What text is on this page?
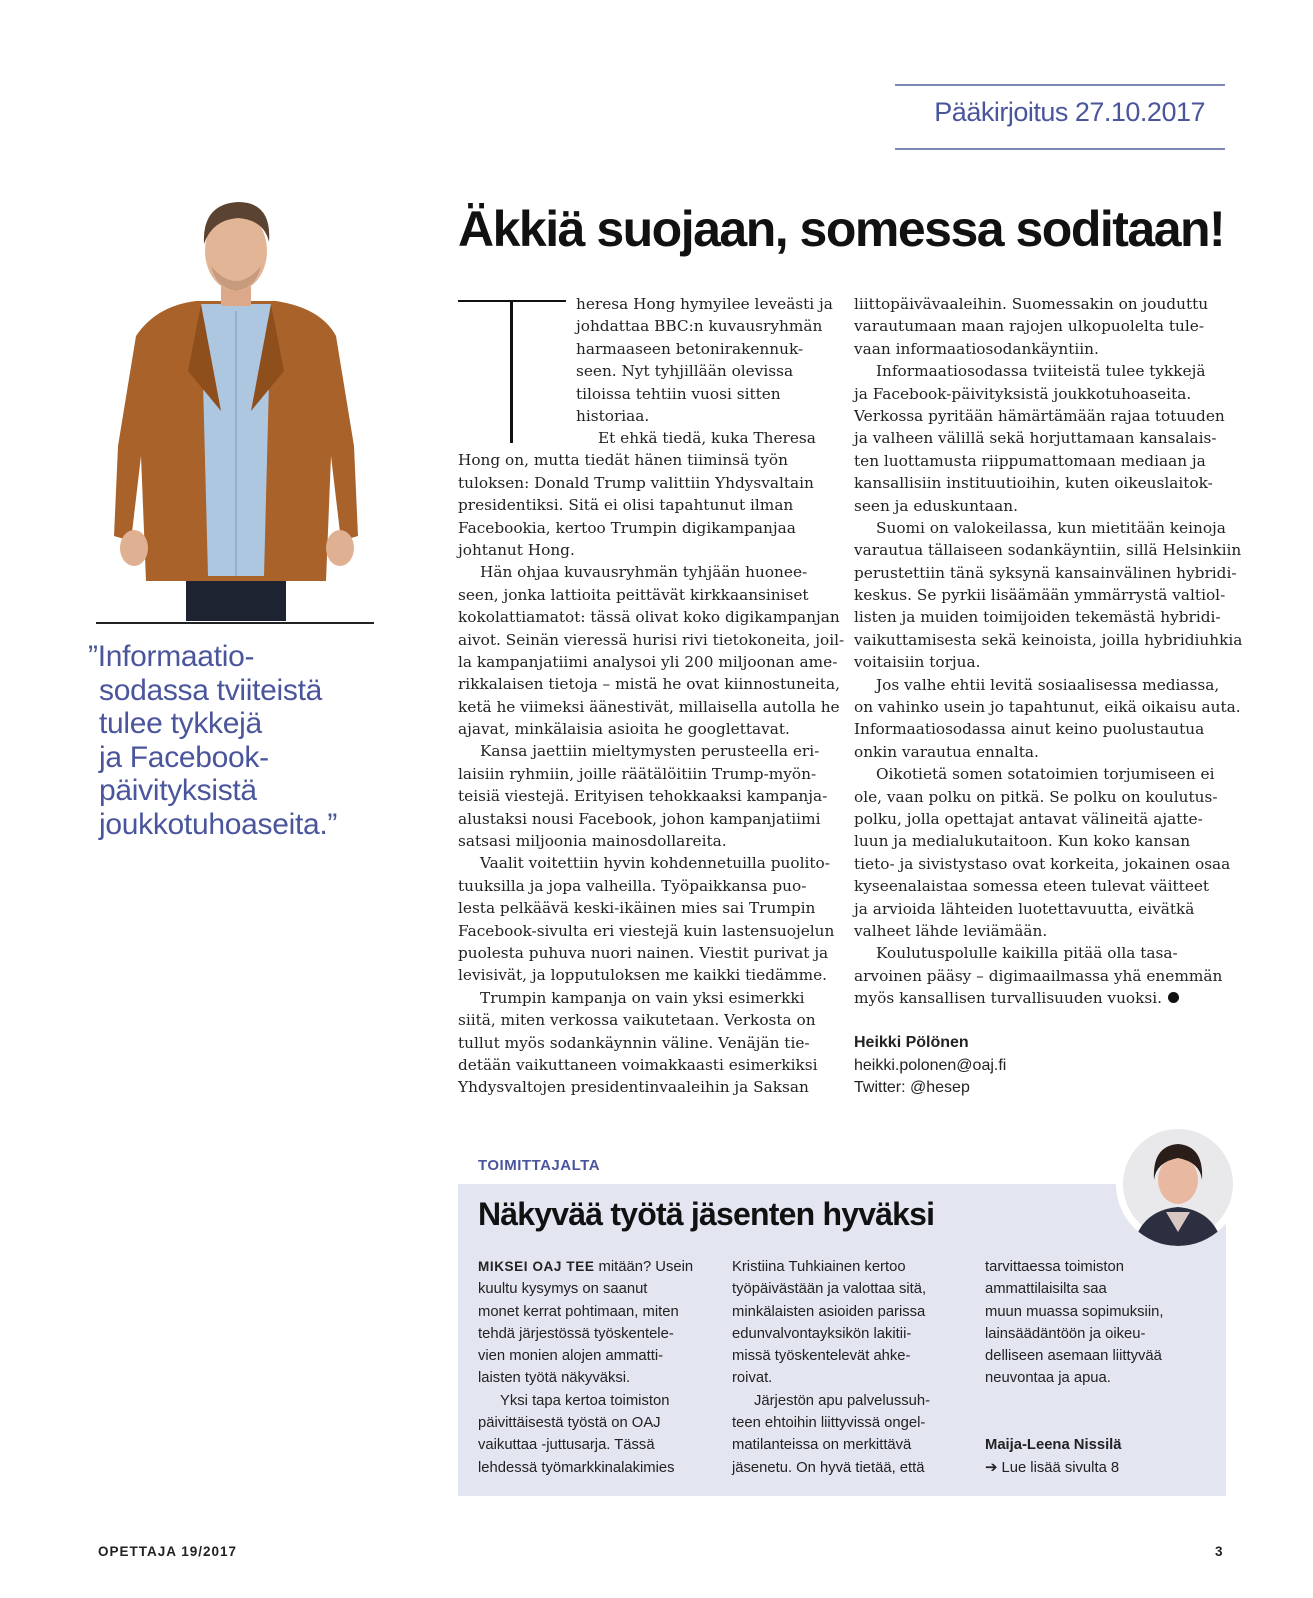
Pääkirjoitus 27.10.2017
Äkkiä suojaan, somessa soditaan!
”Informaatio-
sodassa tviiteistä
tulee tykkejä
ja Facebook-
päivityksistä
joukkotuhoaseita.”
heresa Hong hymyilee leveästi ja
johdattaa BBC:n kuvausryhmän
harmaaseen betonirakennuk-
seen. Nyt tyhjillään olevissa
tiloissa tehtiin vuosi sitten
historiaa.
Et ehkä tiedä, kuka Theresa
Hong on, mutta tiedät hänen tiiminsä työn
tuloksen: Donald Trump valittiin Yhdysvaltain
presidentiksi. Sitä ei olisi tapahtunut ilman
Facebookia, kertoo Trumpin digikampanjaa
johtanut Hong.
Hän ohjaa kuvausryhmän tyhjään huonee-
seen, jonka lattioita peittävät kirkkaansiniset
kokolattiamatot: tässä olivat koko digikampanjan
aivot. Seinän vieressä hurisi rivi tietokoneita, joil-
la kampanjatiimi analysoi yli 200 miljoonan ame-
rikkalaisen tietoja – mistä he ovat kiinnostuneita,
ketä he viimeksi äänestivät, millaisella autolla he
ajavat, minkälaisia asioita he googlettavat.
Kansa jaettiin mieltymysten perusteella eri-
laisiin ryhmiin, joille räätälöitiin Trump-myön-
teisiä viestejä. Erityisen tehokkaaksi kampanja-
alustaksi nousi Facebook, johon kampanjatiimi
satsasi miljoonia mainosdollareita.
Vaalit voitettiin hyvin kohdennetuilla puolito-
tuuksilla ja jopa valheilla. Työpaikkansa puo-
lesta pelkäävä keski-ikäinen mies sai Trumpin
Facebook-sivulta eri viestejä kuin lastensuojelun
puolesta puhuva nuori nainen. Viestit purivat ja
levisivät, ja lopputuloksen me kaikki tiedämme.
Trumpin kampanja on vain yksi esimerkki
siitä, miten verkossa vaikutetaan. Verkosta on
tullut myös sodankäynnin väline. Venäjän tie-
detään vaikuttaneen voimakkaasti esimerkiksi
Yhdysvaltojen presidentinvaaleihin ja Saksan
liittopäivävaaleihin. Suomessakin on jouduttu
varautumaan maan rajojen ulkopuolelta tule-
vaan informaatiosodankäyntiin.
Informaatiosodassa tviiteistä tulee tykkejä
ja Facebook-päivityksistä joukkotuhoaseita.
Verkossa pyritään hämärtämään rajaa totuuden
ja valheen välillä sekä horjuttamaan kansalais-
ten luottamusta riippumattomaan mediaan ja
kansallisiin instituutioihin, kuten oikeuslaitok-
seen ja eduskuntaan.
Suomi on valokeilassa, kun mietitään keinoja
varautua tällaiseen sodankäyntiin, sillä Helsinkiin
perustettiin tänä syksynä kansainvälinen hybridi-
keskus. Se pyrkii lisäämään ymmärrystä valtiol-
listen ja muiden toimijoiden tekemästä hybridi-
vaikuttamisesta sekä keinoista, joilla hybridiuhkia
voitaisiin torjua.
Jos valhe ehtii levitä sosiaalisessa mediassa,
on vahinko usein jo tapahtunut, eikä oikaisu auta.
Informaatiosodassa ainut keino puolustautua
onkin varautua ennalta.
Oikotietä somen sotatoimien torjumiseen ei
ole, vaan polku on pitkä. Se polku on koulutus-
polku, jolla opettajat antavat välineitä ajatte-
luun ja medialukutaitoon. Kun koko kansan
tieto- ja sivistystaso ovat korkeita, jokainen osaa
kyseenalaistaa somessa eteen tulevat väitteet
ja arvioida lähteiden luotettavuutta, eivätkä
valheet lähde leviämään.
Koulutuspolulle kaikilla pitää olla tasa-
arvoinen pääsy – digimaailmassa yhä enemmän
myös kansallisen turvallisuuden vuoksi.
Heikki Pölönen
heikki.polonen@oaj.fi
Twitter: @hesep
TOIMITTAJALTA
Näkyvää työtä jäsenten hyväksi
MIKSEI OAJ TEE mitään? Usein
kuultu kysymys on saanut
monet kerrat pohtimaan, miten
tehdä järjestössä työskentele-
vien monien alojen ammatti-
laisten työtä näkyväksi.
Yksi tapa kertoa toimiston
päivittäisestä työstä on OAJ
vaikuttaa -juttusarja. Tässä
lehdessä työmarkkinalakimies
Kristiina Tuhkiainen kertoo
työpäivästään ja valottaa sitä,
minkälaisten asioiden parissa
edunvalvontayksikön lakitii-
missä työskentelevät ahke-
roivat.
Järjestön apu palvelussuh-
teen ehtoihin liittyvissä ongel-
matilanteissa on merkittävä
jäsenetu. On hyvä tietää, että
tarvittaessa toimiston
ammattilaisilta saa
muun muassa sopimuksiin,
lainsäädäntöön ja oikeu-
delliseen asemaan liittyvää
neuvontaa ja apua.
Maija-Leena Nissilä
➔ Lue lisää sivulta 8
OPETTAJA 19/2017	3
